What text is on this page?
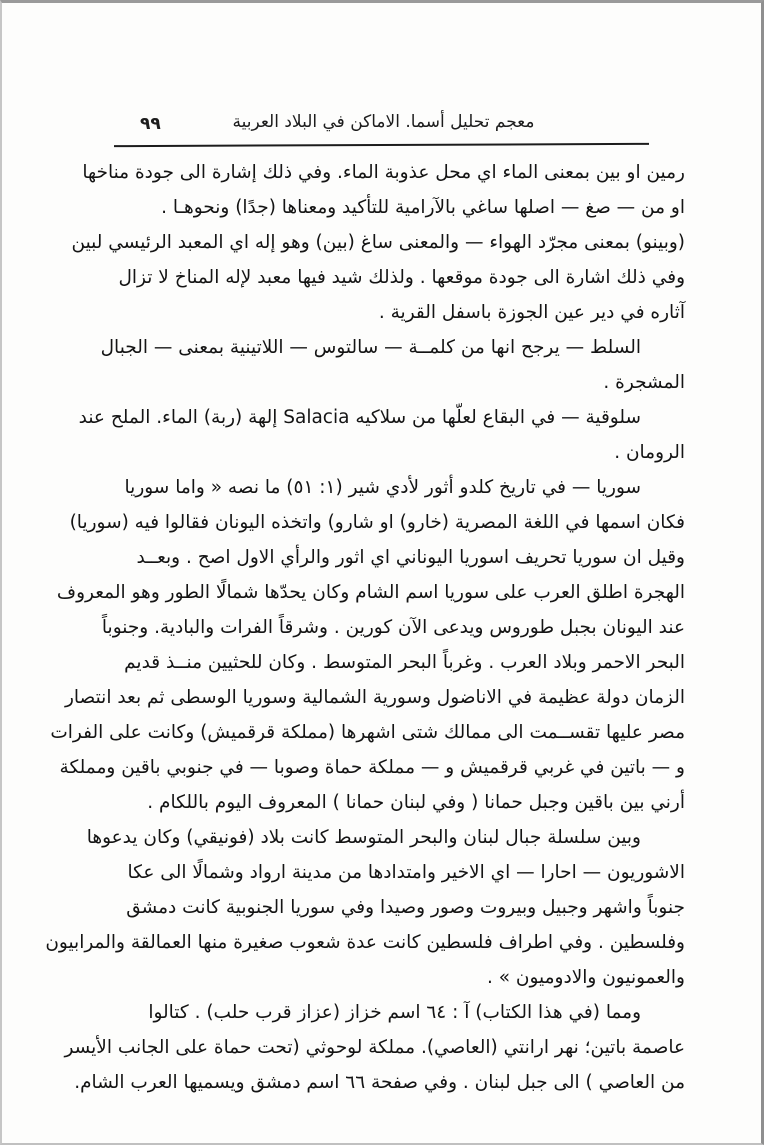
٩٩	معجم تحليل أسما. الاماكن في البلاد العربية
رمين او بين بمعنى الماء اي محل عذوبة الماء. وفي ذلك إشارة الى جودة مناخها
او من — صغ — اصلها ساغي بالآرامية للتأكيد ومعناها (جدًا) ونحوهـا .
(وبينو) بمعنى مجرّد الهواء — والمعنى ساغ (بين) وهو إله اي المعبد الرئيسي لبين
وفي ذلك اشارة الى جودة موقعها . ولذلك شيد فيها معبد لإله المناخ لا تزال
آثاره في دير عين الجوزة باسفل القرية .
السلط — يرجح انها من كلمــة — سالتوس — اللاتينية بمعنى — الجبال
المشجرة .
سلوقية — في البقاع لعلّها من سلاكيه Salacia إلهة (ربة) الماء. الملح عند
الرومان .
سوريا — في تاريخ كلدو أثور لأدي شير (١: ٥١) ما نصه « واما سوريا
فكان اسمها في اللغة المصرية (خارو) او شارو) واتخذه اليونان فقالوا فيه (سوريا)
وقيل ان سوريا تحريف اسوريا اليوناني اي اثور والرأي الاول اصح . وبعــد
الهجرة اطلق العرب على سوريا اسم الشام وكان يحدّها شمالًا الطور وهو المعروف
عند اليونان بجبل طوروس ويدعى الآن كورين . وشرقاً الفرات والبادية. وجنوباً
البحر الاحمر وبلاد العرب . وغرباً البحر المتوسط . وكان للحثيين منــذ قديم
الزمان دولة عظيمة في الاناضول وسورية الشمالية وسوريا الوسطى ثم بعد انتصار
مصر عليها تقســمت الى ممالك شتى اشهرها (مملكة قرقميش) وكانت على الفرات
و — باتين في غربي قرقميش و — مملكة حماة وصوبا — في جنوبي باقين ومملكة
أرني بين باقين وجبل حمانا ( وفي لبنان حمانا ) المعروف اليوم باللكام .
وبين سلسلة جبال لبنان والبحر المتوسط كانت بلاد (فونيقي) وكان يدعوها
الاشوريون — احارا — اي الاخير وامتدادها من مدينة ارواد وشمالًا الى عكا
جنوباً واشهر وجبيل وبيروت وصور وصيدا وفي سوريا الجنوبية كانت دمشق
وفلسطين . وفي اطراف فلسطين كانت عدة شعوب صغيرة منها العمالقة والمرابيون
والعمونيون والادوميون » .
ومما (في هذا الكتاب) آ : ٦٤ اسم خزاز (عزاز قرب حلب) . كتالوا
عاصمة باتين؛ نهر ارانتي (العاصي). مملكة لوحوثي (تحت حماة على الجانب الأيسر
من العاصي ) الى جبل لبنان . وفي صفحة ٦٦ اسم دمشق ويسميها العرب الشام.
